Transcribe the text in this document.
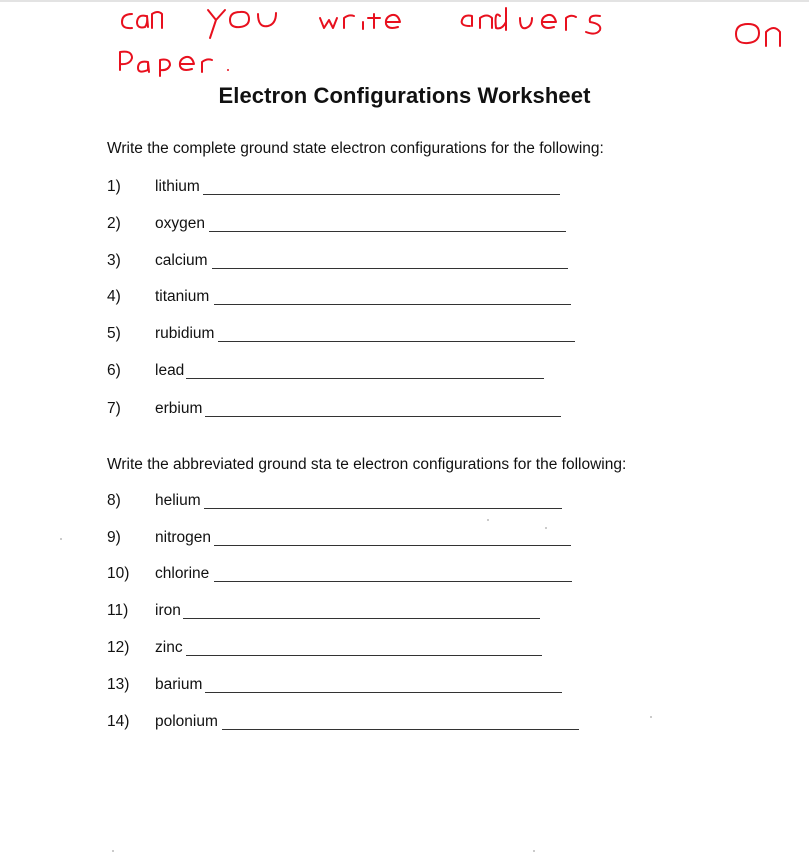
Electron Configurations Worksheet
Write the complete ground state electron configurations for the following:
1)	lithium
2)	oxygen
3)	calcium
4)	titanium
5)	rubidium
6)	lead
7)	erbium
Write the abbreviated ground sta te electron configurations for the following:
8)	helium
9)	nitrogen
10)	chlorine
11)	iron
12)	zinc
13)	barium
14)	polonium
